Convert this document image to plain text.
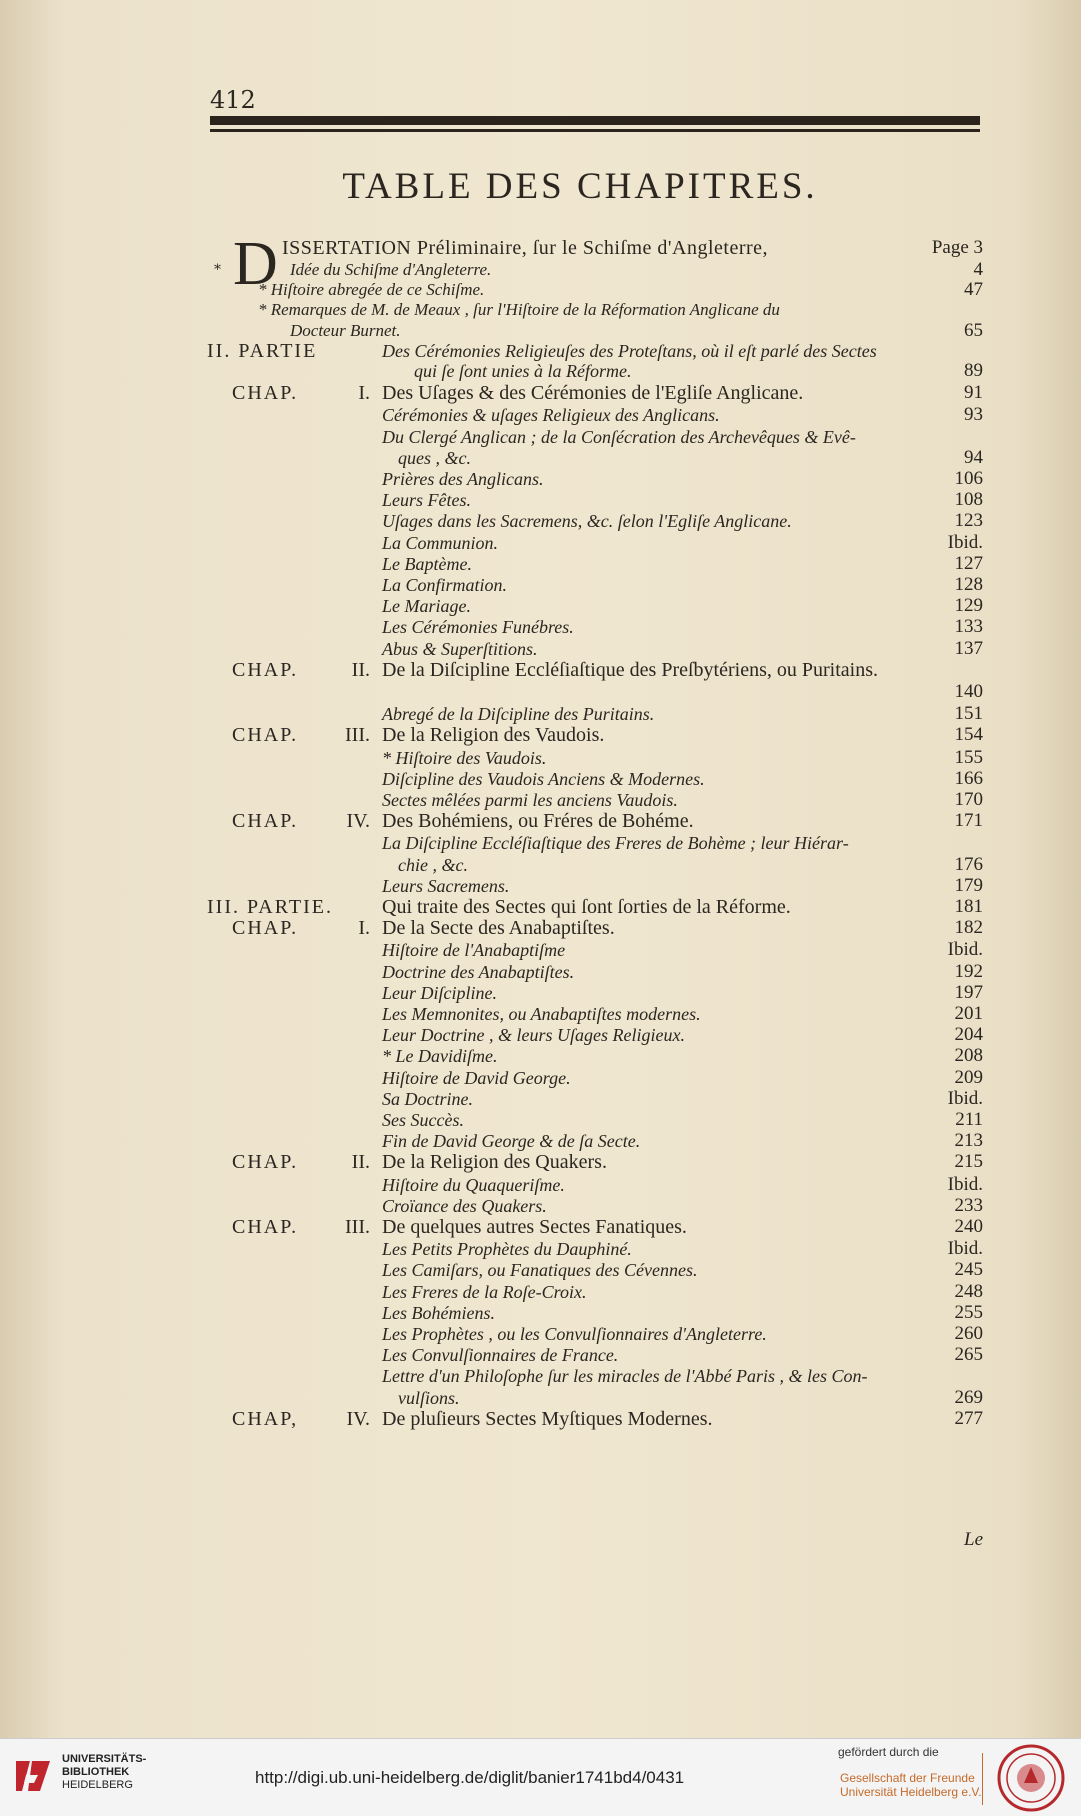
412
TABLE DES CHAPITRES.
D ISSERTATION Préliminaire, ſur le Schiſme d'Angleterre,	Page 3
*	Idée du Schiſme d'Angleterre.	4
* Hiſtoire abregée de ce Schiſme.	47
* Remarques de M. de Meaux , ſur l'Hiſtoire de la Réformation Anglicane du
Docteur Burnet.	65
II. PARTIE	Des Cérémonies Religieuſes des Proteſtans, où il eſt parlé des Sectes
qui ſe ſont unies à la Réforme.	89
CHAP.	I. Des Uſages & des Cérémonies de l'Egliſe Anglicane.	91
Cérémonies & uſages Religieux des Anglicans.	93
Du Clergé Anglican ; de la Conſécration des Archevêques & Evê-
ques , &c.	94
Prières des Anglicans.	106
Leurs Fêtes.	108
Uſages dans les Sacremens, &c. ſelon l'Egliſe Anglicane.	123
La Communion.	Ibid.
Le Baptème.	127
La Confirmation.	128
Le Mariage.	129
Les Cérémonies Funébres.	133
Abus & Superſtitions.	137
CHAP.	II. De la Diſcipline Eccléſiaſtique des Preſbytériens, ou Puritains.
140
Abregé de la Diſcipline des Puritains.	151
CHAP.	III. De la Religion des Vaudois.	154
* Hiſtoire des Vaudois.	155
Diſcipline des Vaudois Anciens & Modernes.	166
Sectes mêlées parmi les anciens Vaudois.	170
CHAP.	IV. Des Bohémiens, ou Fréres de Bohéme.	171
La Diſcipline Eccléſiaſtique des Freres de Bohème ; leur Hiérar-
chie , &c.	176
Leurs Sacremens.	179
III. PARTIE. Qui traite des Sectes qui ſont ſorties de la Réforme.	181
CHAP.	I. De la Secte des Anabaptiſtes.	182
Hiſtoire de l'Anabaptiſme	Ibid.
Doctrine des Anabaptiſtes.	192
Leur Diſcipline.	197
Les Memnonites, ou Anabaptiſtes modernes.	201
Leur Doctrine , & leurs Uſages Religieux.	204
* Le Davidiſme.	208
Hiſtoire de David George.	209
Sa Doctrine.	Ibid.
Ses Succès.	211
Fin de David George & de ſa Secte.	213
CHAP.	II. De la Religion des Quakers.	215
Hiſtoire du Quaqueriſme.	Ibid.
Croïance des Quakers.	233
CHAP.	III. De quelques autres Sectes Fanatiques.	240
Les Petits Prophètes du Dauphiné.	Ibid.
Les Camiſars, ou Fanatiques des Cévennes.	245
Les Freres de la Roſe-Croix.	248
Les Bohémiens.	255
Les Prophètes , ou les Convulſionnaires d'Angleterre.	260
Les Convulſionnaires de France.	265
Lettre d'un Philoſophe ſur les miracles de l'Abbé Paris , & les Con-
vulſions.	269
CHAP,	IV. De pluſieurs Sectes Myſtiques Modernes.	277
Le
UNIVERSITÄTS-
BIBLIOTHEK
HEIDELBERG	http://digi.ub.uni-heidelberg.de/diglit/banier1741bd4/0431
gefördert durch die
Gesellschaft der Freunde
Universität Heidelberg e.V.
